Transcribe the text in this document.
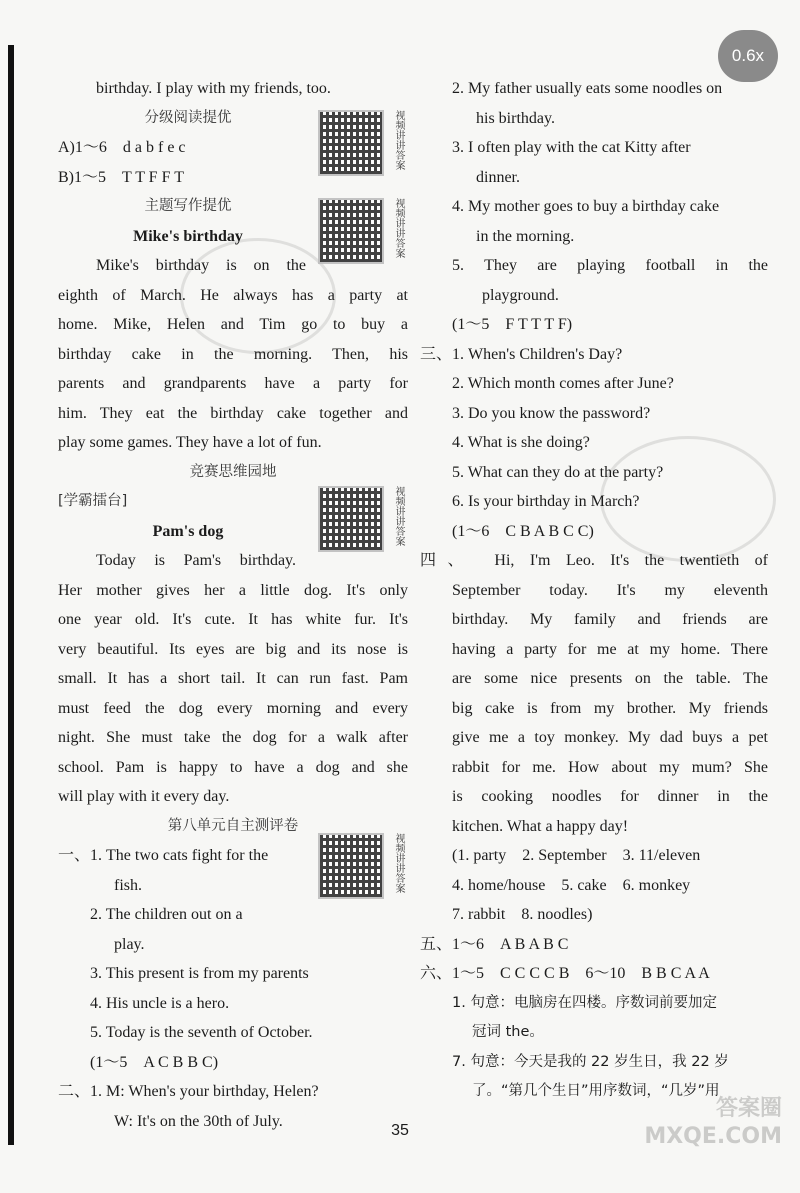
0.6x
视频讲讲答案
视频讲讲答案
视频讲讲答案
视频讲讲答案

birthday. I play with my friends, too.

分级阅读提优

A)1～6　d a b f e c

B)1～5　T T F F T

主题写作提优

Mike's birthday

Mike's birthday is on the

eighth of March. He always has a party at

home. Mike, Helen and Tim go to buy a

birthday cake in the morning. Then, his

parents and grandparents have a party for

him. They eat the birthday cake together and

play some games. They have a lot of fun.

竞赛思维园地

[学霸擂台]

Pam's dog

Today is Pam's birthday.

Her mother gives her a little dog. It's only

one year old. It's cute. It has white fur. It's

very beautiful. Its eyes are big and its nose is

small. It has a short tail. It can run fast. Pam

must feed the dog every morning and every

night. She must take the dog for a walk after

school. Pam is happy to have a dog and she

will play with it every day.

第八单元自主测评卷

一、1. The two cats fight for the

fish.

2. The children out on a

play.

3. This present is from my parents

4. His uncle is a hero.

5. Today is the seventh of October.

(1～5　A C B B C)

二、1. M: When's your birthday, Helen?

W: It's on the 30th of July.

2. My father usually eats some noodles on

his birthday.

3. I often play with the cat Kitty after

dinner.

4. My mother goes to buy a birthday cake

in the morning.

5. They are playing football in the

playground.

(1～5　F T T T F)

三、1. When's Children's Day?

2. Which month comes after June?

3. Do you know the password?

4. What is she doing?

5. What can they do at the party?

6. Is your birthday in March?

(1～6　C B A B C C)

四、　Hi, I'm Leo. It's the twentieth of

September today. It's my eleventh

birthday. My family and friends are

having a party for me at my home. There

are some nice presents on the table. The

big cake is from my brother. My friends

give me a toy monkey. My dad buys a pet

rabbit for me. How about my mum? She

is cooking noodles for dinner in the

kitchen. What a happy day!

(1. party　2. September　3. 11/eleven

4. home/house　5. cake　6. monkey

7. rabbit　8. noodles)

五、1～6　A B A B C

六、1～5　C C C C B　6～10　B B C A A

1. 句意：电脑房在四楼。序数词前要加定

冠词 the。

7. 句意：今天是我的 22 岁生日，我 22 岁

了。“第几个生日”用序数词，“几岁”用

35
答案圈
MXQE.COM
